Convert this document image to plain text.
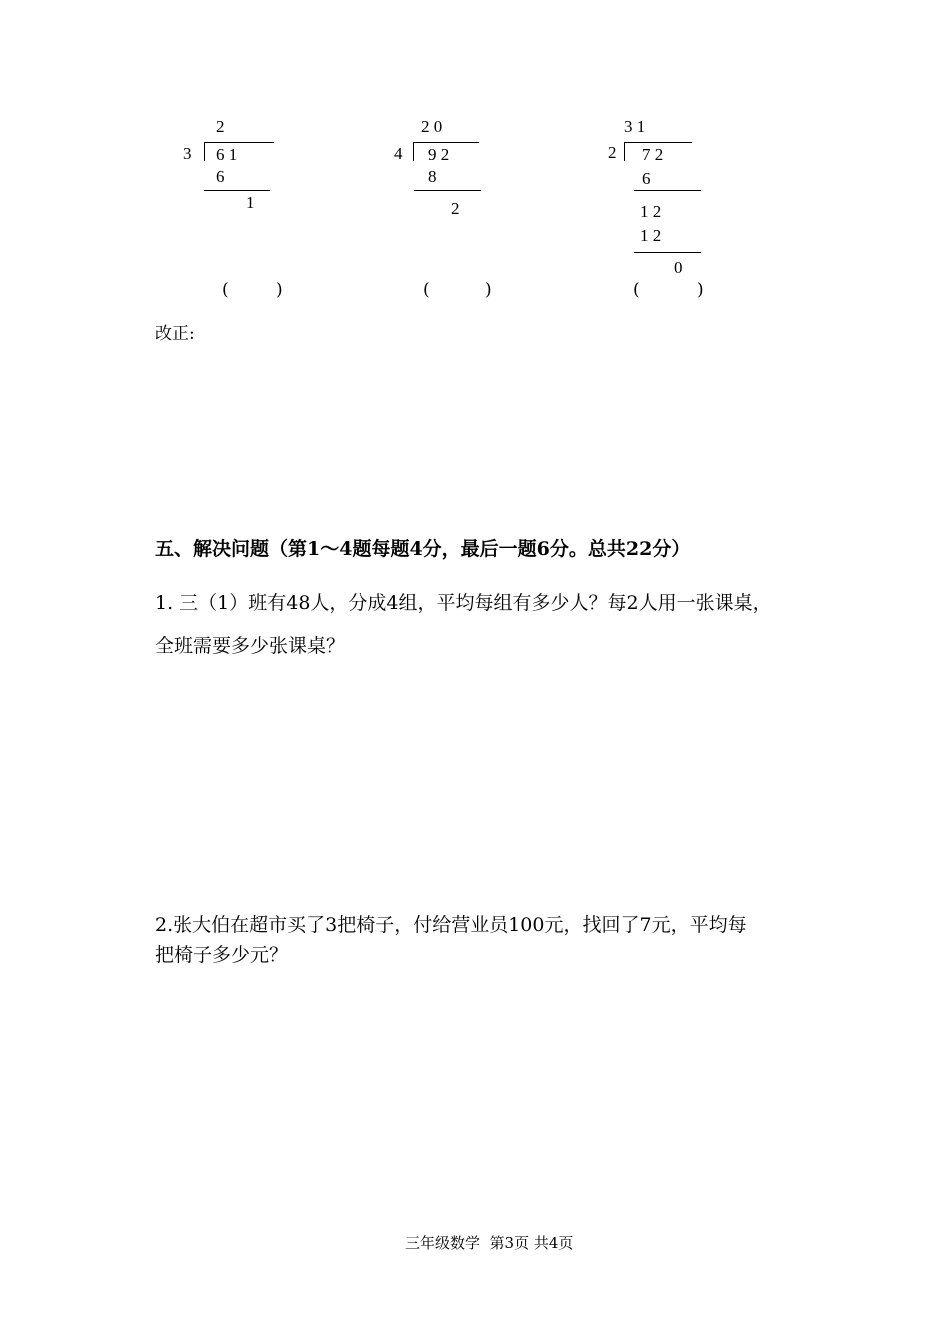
2
3 6 1
6
1
(	)
2 0
4 9 2
8
2
(	)
3 1
2 7 2
6
1 2
1 2
0
(	)
改正:
五、解决问题（第1～4题每题4分，最后一题6分。总共22分）
1. 三（1）班有48人，分成4组，平均每组有多少人？每2人用一张课桌，
全班需要多少张课桌？
2.张大伯在超市买了3把椅子，付给营业员100元，找回了7元，平均每
把椅子多少元？
三年级数学  第3页 共4页
